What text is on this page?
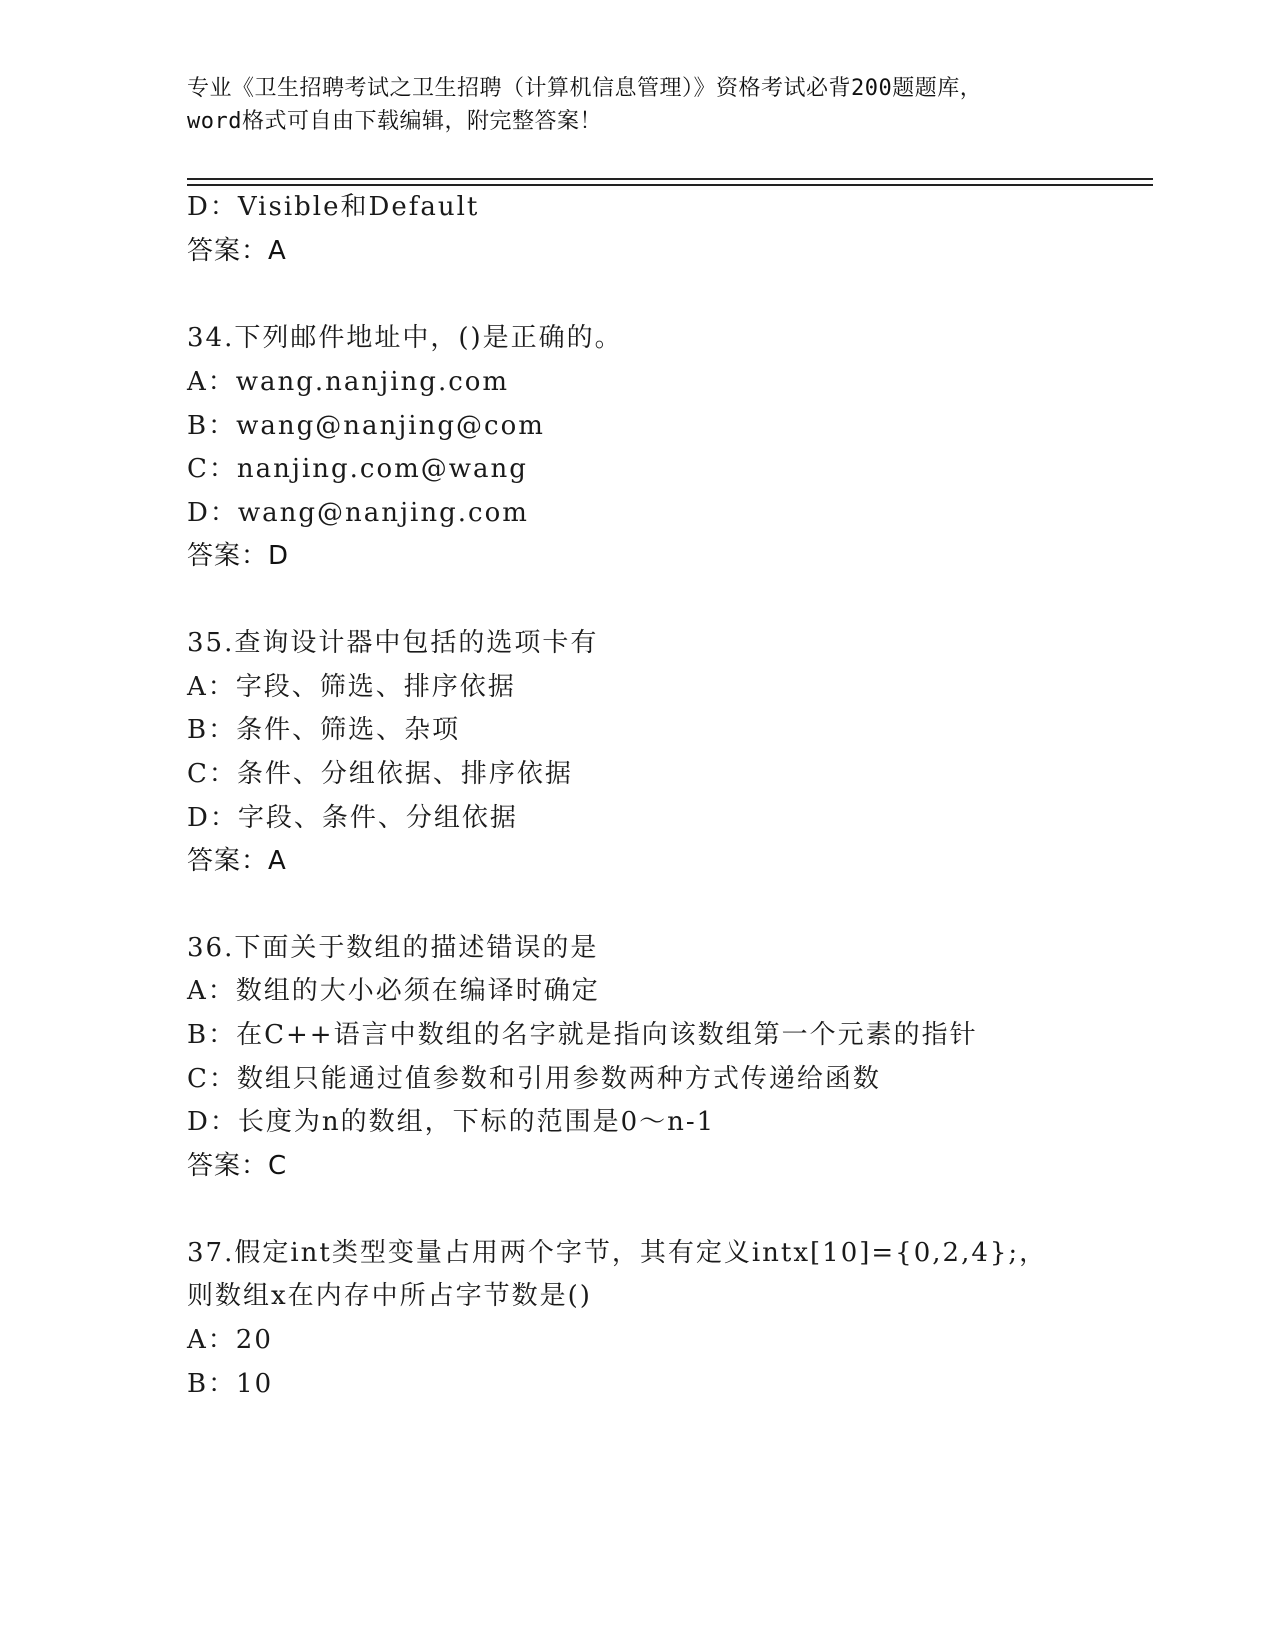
专业《卫生招聘考试之卫生招聘（计算机信息管理）》资格考试必背200题题库，
word格式可自由下载编辑，附完整答案！
D：Visible和Default
答案：A
34.下列邮件地址中，()是正确的。
A：wang.nanjing.com
B：wang@nanjing@com
C：nanjing.com@wang
D：wang@nanjing.com
答案：D
35.查询设计器中包括的选项卡有
A：字段、筛选、排序依据
B：条件、筛选、杂项
C：条件、分组依据、排序依据
D：字段、条件、分组依据
答案：A
36.下面关于数组的描述错误的是
A：数组的大小必须在编译时确定
B：在C++语言中数组的名字就是指向该数组第一个元素的指针
C：数组只能通过值参数和引用参数两种方式传递给函数
D：长度为n的数组，下标的范围是0～n-1
答案：C
37.假定int类型变量占用两个字节，其有定义intx[10]={0,2,4};，
则数组x在内存中所占字节数是()
A：20
B：10
